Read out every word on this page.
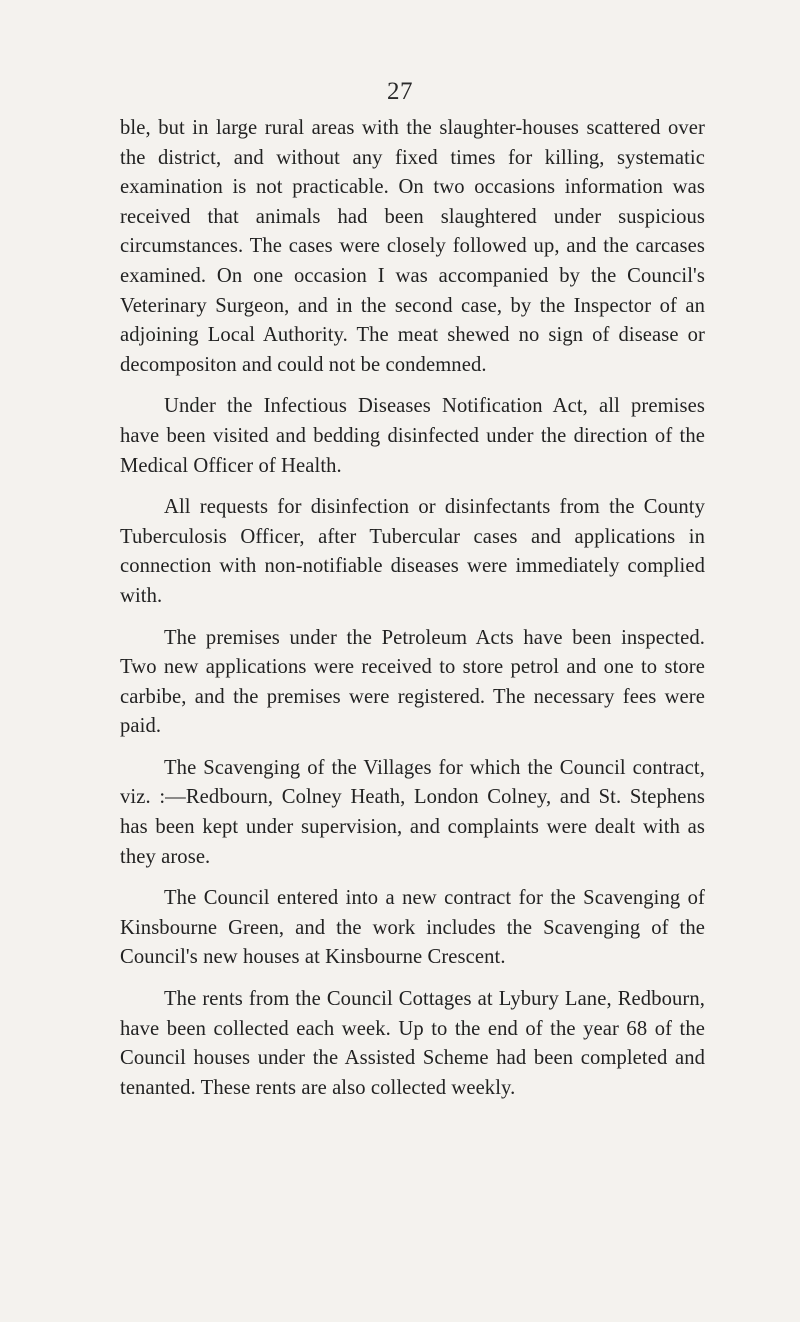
27

ble, but in large rural areas with the slaughter-houses scattered over the district, and without any fixed times for killing, systematic examination is not practicable. On two occasions information was received that animals had been slaughtered under suspicious circumstances. The cases were closely followed up, and the carcases examined. On one occasion I was accompanied by the Council's Veterinary Surgeon, and in the second case, by the Inspector of an adjoining Local Authority. The meat shewed no sign of disease or decompositon and could not be condemned.

Under the Infectious Diseases Notification Act, all premises have been visited and bedding disinfected under the direction of the Medical Officer of Health.

All requests for disinfection or disinfectants from the County Tuberculosis Officer, after Tubercular cases and applications in connection with non-notifiable diseases were immediately complied with.

The premises under the Petroleum Acts have been inspected. Two new applications were received to store petrol and one to store carbibe, and the premises were registered. The necessary fees were paid.

The Scavenging of the Villages for which the Council contract, viz. :—Redbourn, Colney Heath, London Colney, and St. Stephens has been kept under supervision, and complaints were dealt with as they arose.

The Council entered into a new contract for the Scavenging of Kinsbourne Green, and the work includes the Scavenging of the Council's new houses at Kinsbourne Crescent.

The rents from the Council Cottages at Lybury Lane, Redbourn, have been collected each week. Up to the end of the year 68 of the Council houses under the Assisted Scheme had been completed and tenanted. These rents are also collected weekly.
